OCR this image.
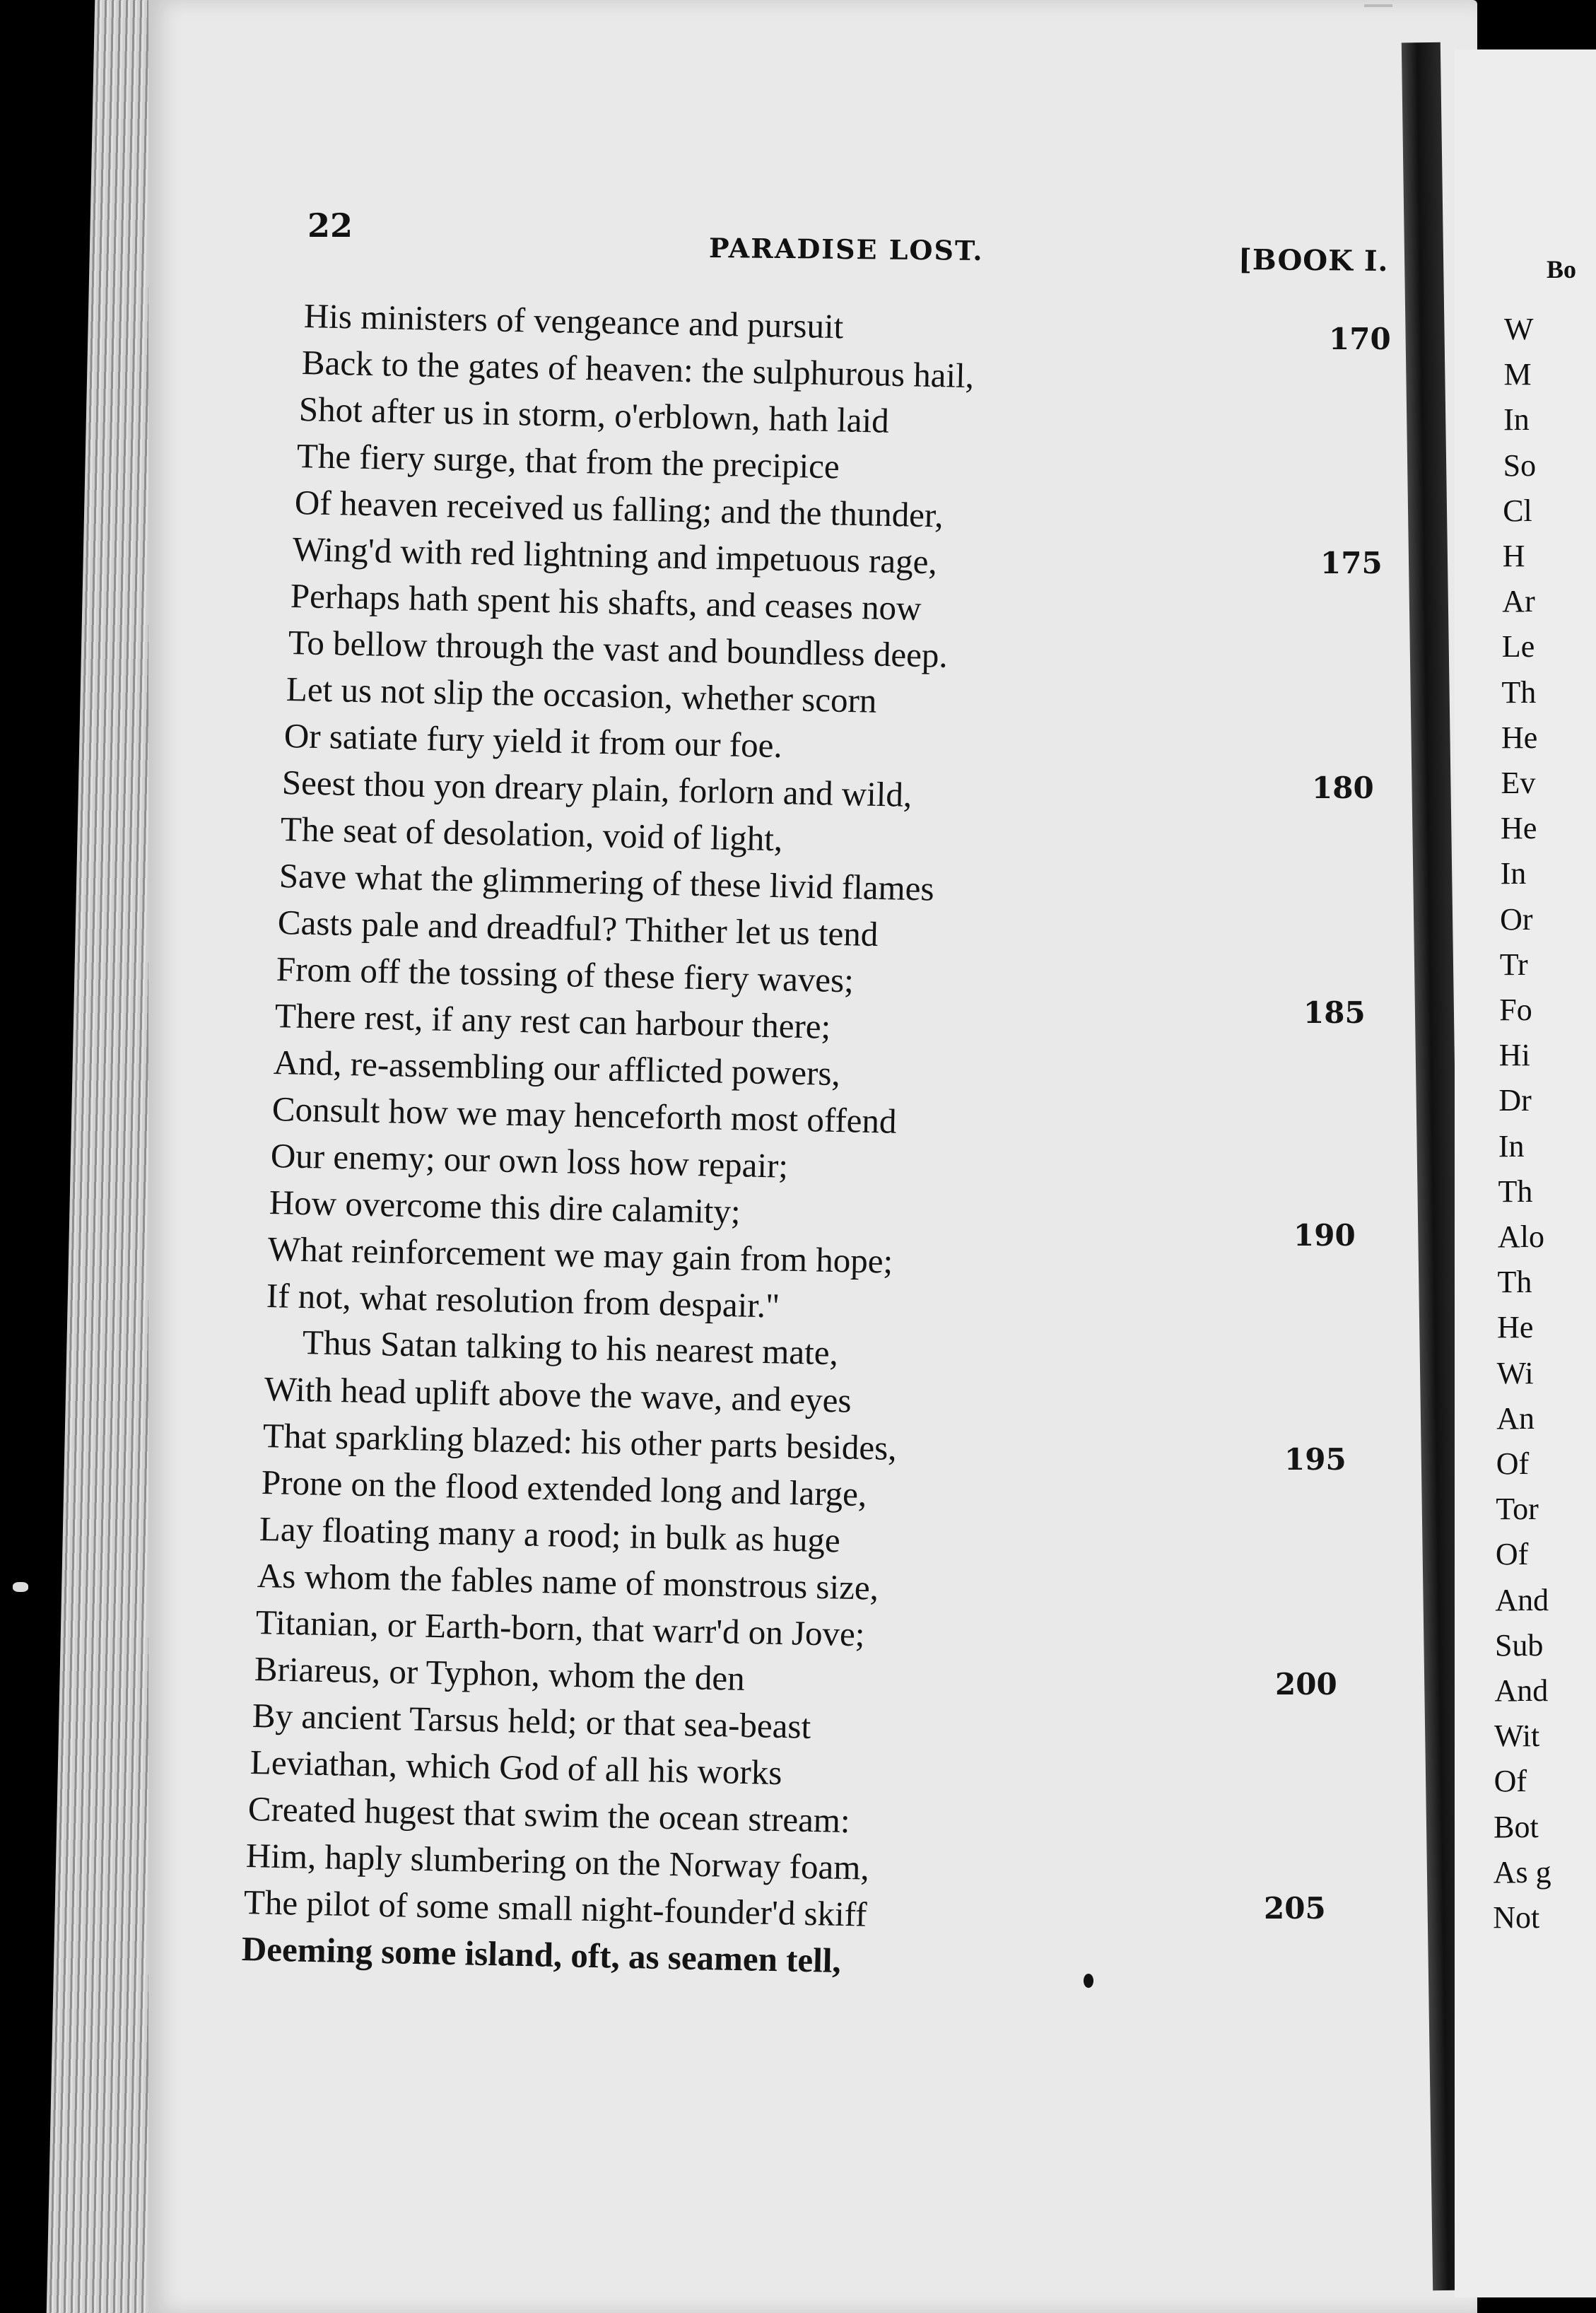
22
PARADISE LOST.	[BOOK I.
His ministers of vengeance and pursuit
Back to the gates of heaven: the sulphurous hail,
Shot after us in storm, o'erblown, hath laid
The fiery surge, that from the precipice
Of heaven received us falling; and the thunder,
Wing'd with red lightning and impetuous rage,
Perhaps hath spent his shafts, and ceases now
To bellow through the vast and boundless deep.
Let us not slip the occasion, whether scorn
Or satiate fury yield it from our foe.
Seest thou yon dreary plain, forlorn and wild,
The seat of desolation, void of light,
Save what the glimmering of these livid flames
Casts pale and dreadful? Thither let us tend
From off the tossing of these fiery waves;
There rest, if any rest can harbour there;
And, re-assembling our afflicted powers,
Consult how we may henceforth most offend
Our enemy; our own loss how repair;
How overcome this dire calamity;
What reinforcement we may gain from hope;
If not, what resolution from despair."
Thus Satan talking to his nearest mate,
With head uplift above the wave, and eyes
That sparkling blazed: his other parts besides,
Prone on the flood extended long and large,
Lay floating many a rood; in bulk as huge
As whom the fables name of monstrous size,
Titanian, or Earth-born, that warr'd on Jove;
Briareus, or Typhon, whom the den
By ancient Tarsus held; or that sea-beast
Leviathan, which God of all his works
Created hugest that swim the ocean stream:
Him, haply slumbering on the Norway foam,
The pilot of some small night-founder'd skiff
Deeming some island, oft, as seamen tell,
170
175
180
185
190
195
200
205
Bo
W
M
In
So
Cl
H
Ar
Le
Th
He
Ev
He
In
Or
Tr
Fo
Hi
Dr
In
Th
Alo
Th
He
Wi
An
Of
Tor
Of
And
Sub
And
Wit
Of
Bot
As g
Not
